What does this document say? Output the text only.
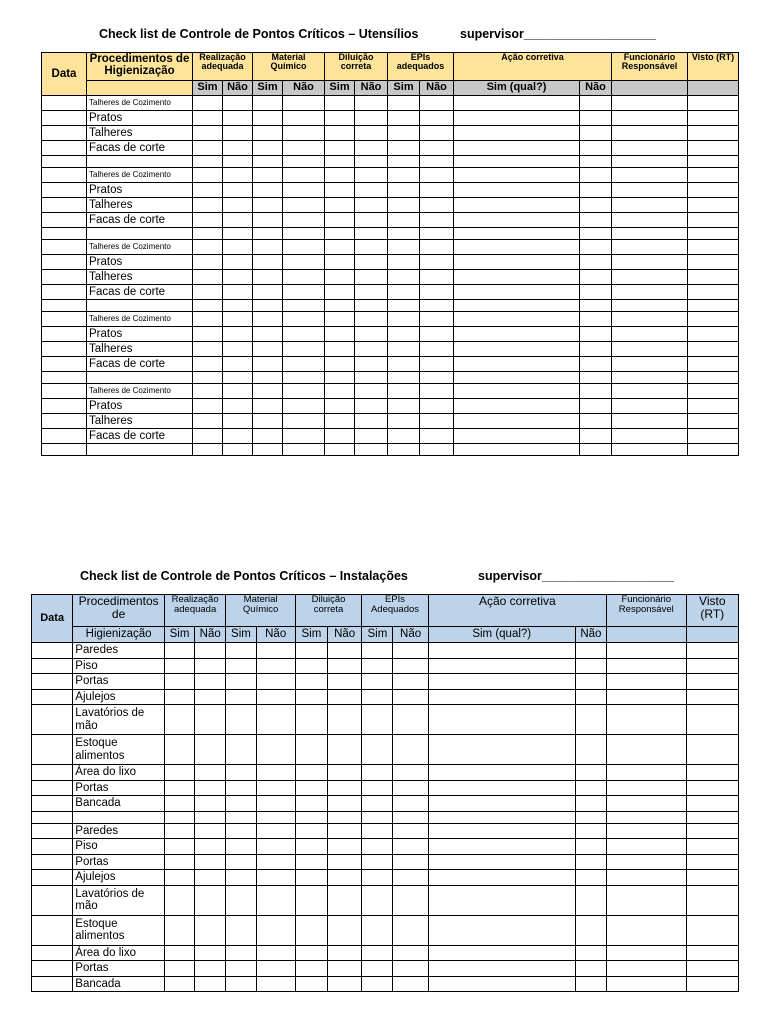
Check list de Controle de Pontos Críticos – Utensílios	supervisor___________________
Data	Procedimentos de Higienização	Realização adequada		Material Químico		Diluição correta		EPIs adequados		Ação corretiva		Funcionário Responsável	Visto (RT)
		Sim	Não	Sim	Não	Sim	Não	Sim	Não	Sim (qual?)	Não		
	Talheres de Cozimento												
	Pratos												
	Talheres												
	Facas de corte												

	Talheres de Cozimento												
	Pratos												
	Talheres												
	Facas de corte												

	Talheres de Cozimento												
	Pratos												
	Talheres												
	Facas de corte												

	Talheres de Cozimento												
	Pratos												
	Talheres												
	Facas de corte												

	Talheres de Cozimento												
	Pratos												
	Talheres												
	Facas de corte												

Check list de Controle de Pontos Críticos – Instalações	supervisor___________________
Data	Procedimentos de	Realização adequada		Material Químico		Diluição correta		EPIs Adequados		Ação corretiva		Funcionário Responsável	Visto (RT)
	Higienização	Sim	Não	Sim	Não	Sim	Não	Sim	Não	Sim (qual?)	Não		
	Paredes												
	Piso												
	Portas												
	Ajulejos												
	Lavatórios de mão												
	Estoque alimentos												
	Área do lixo												
	Portas												
	Bancada												

	Paredes												
	Piso												
	Portas												
	Ajulejos												
	Lavatórios de mão												
	Estoque alimentos												
	Área do lixo												
	Portas												
	Bancada												
